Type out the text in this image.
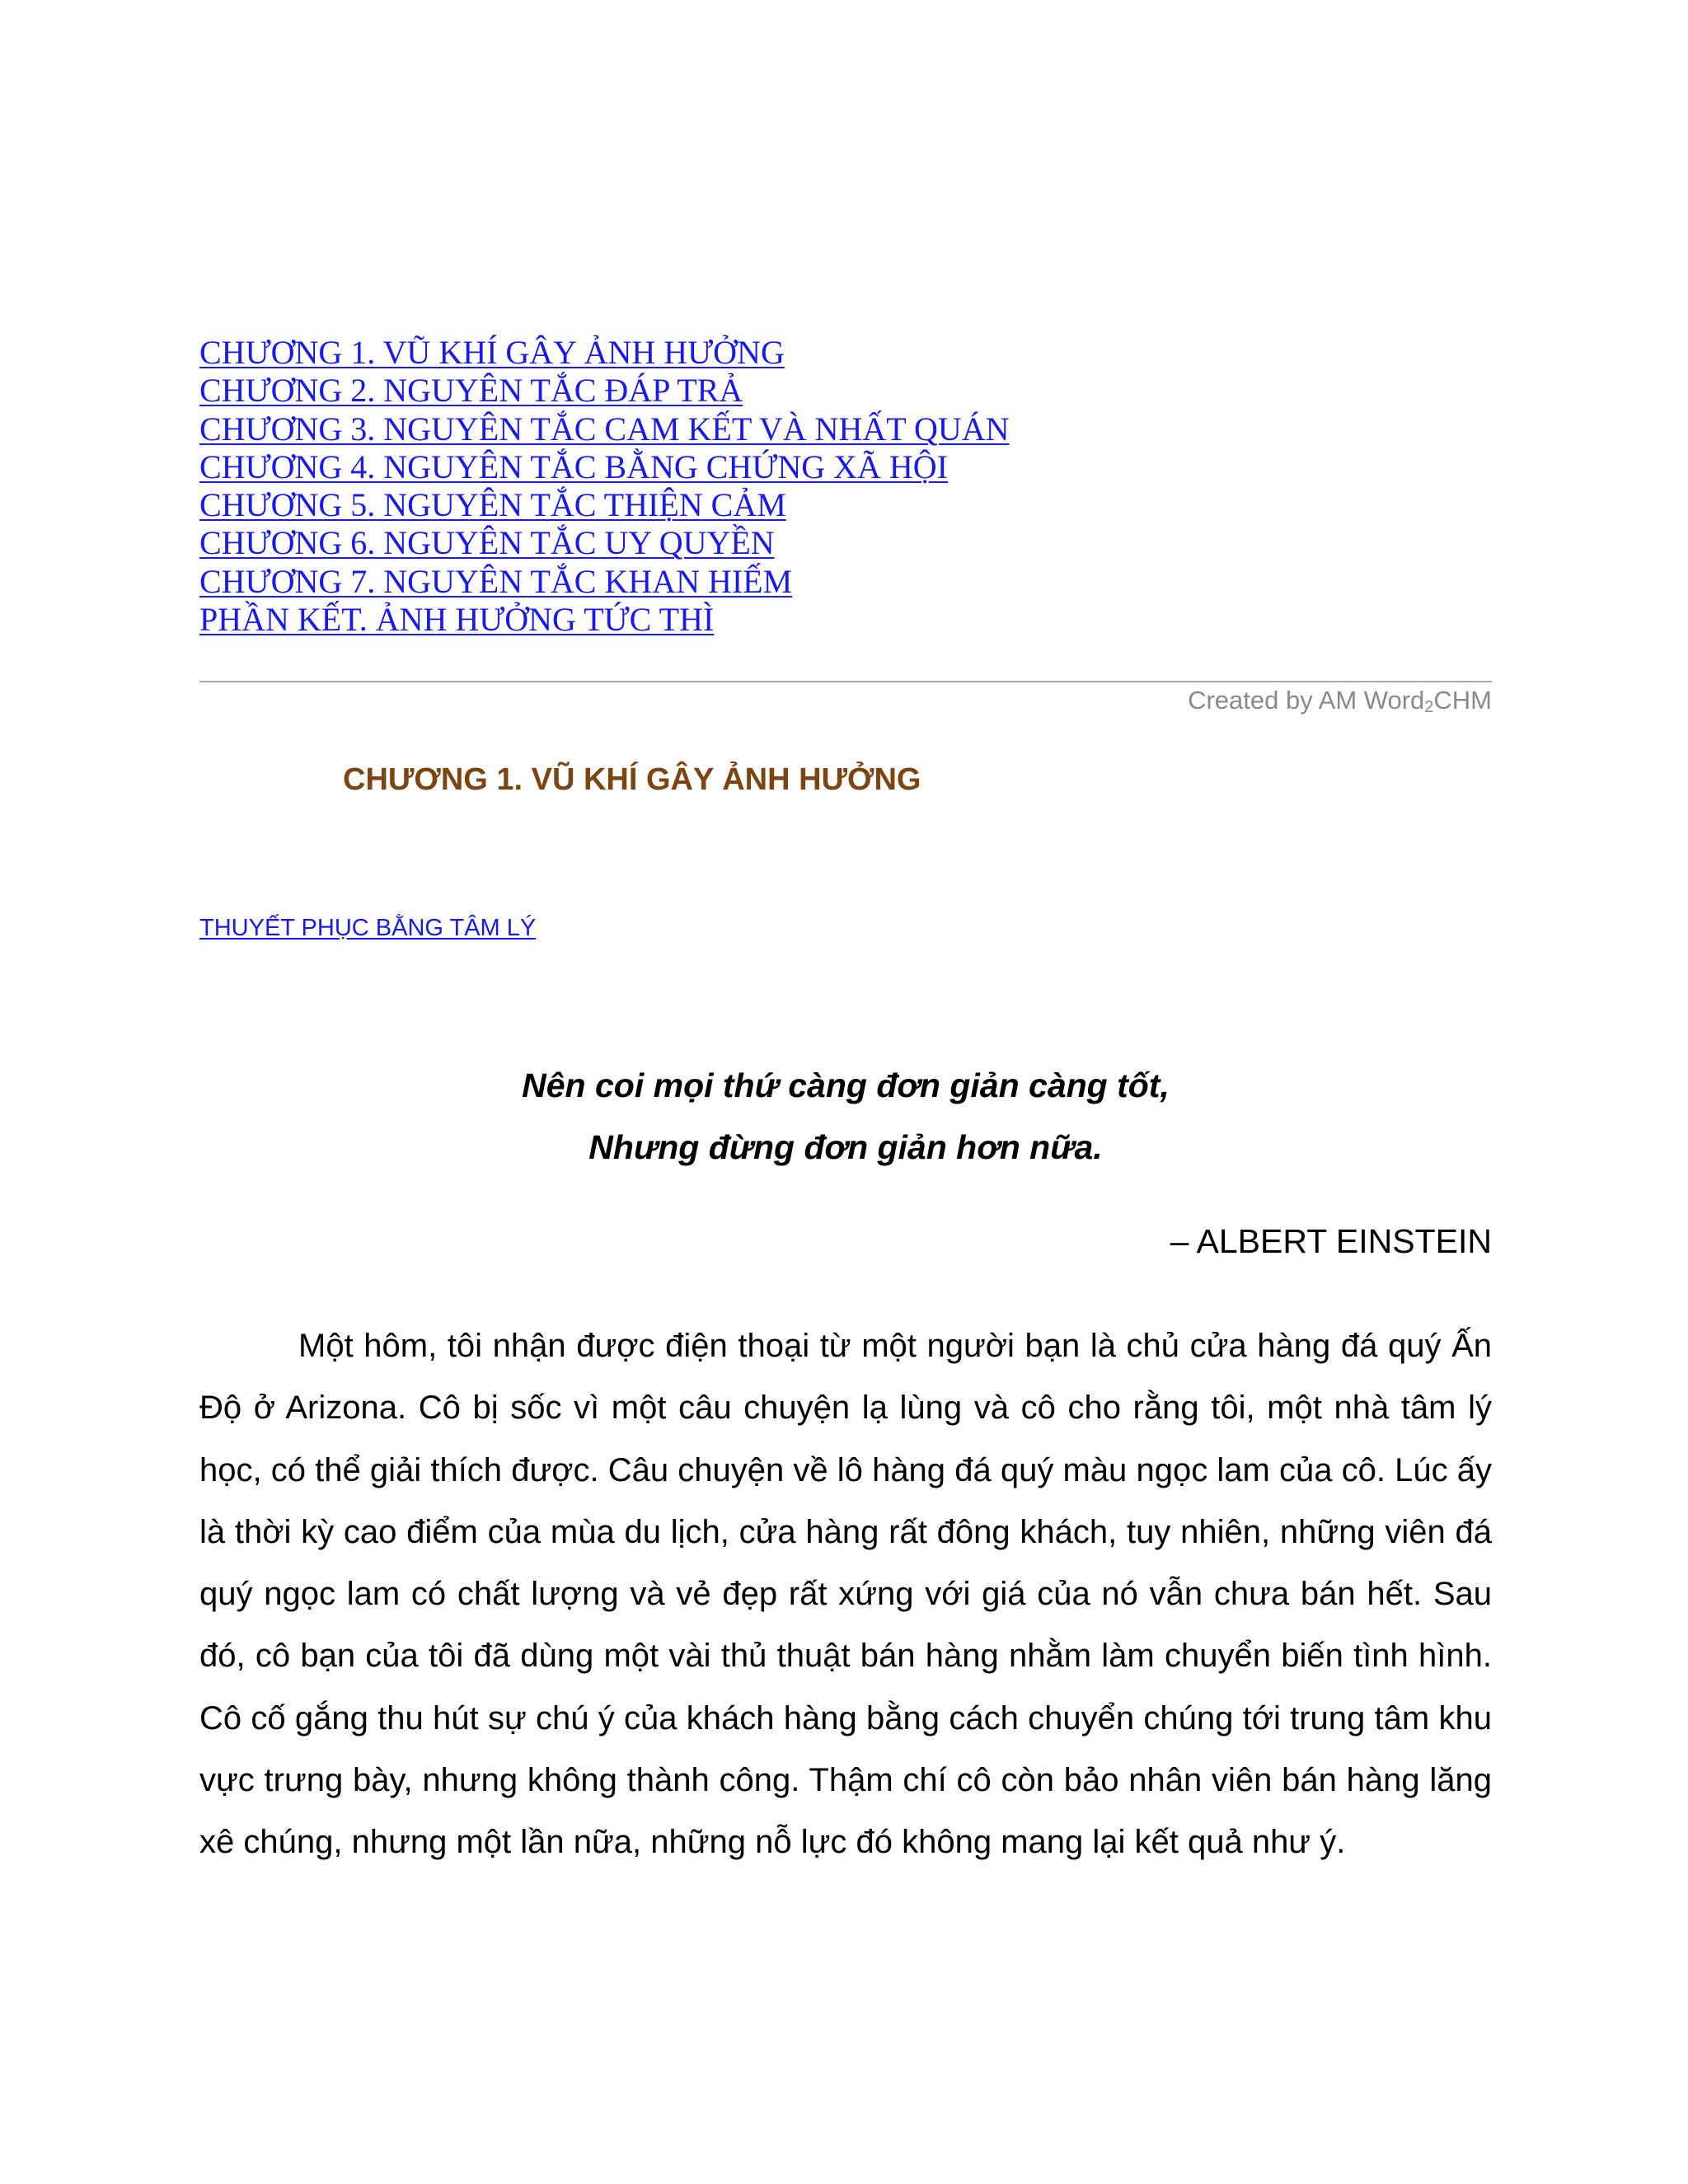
CHƯƠNG 1. VŨ KHÍ GÂY ẢNH HƯỞNG
CHƯƠNG 2. NGUYÊN TẮC ĐÁP TRẢ
CHƯƠNG 3. NGUYÊN TẮC CAM KẾT VÀ NHẤT QUÁN
CHƯƠNG 4. NGUYÊN TẮC BẰNG CHỨNG XÃ HỘI
CHƯƠNG 5. NGUYÊN TẮC THIỆN CẢM
CHƯƠNG 6. NGUYÊN TẮC UY QUYỀN
CHƯƠNG 7. NGUYÊN TẮC KHAN HIẾM
PHẦN KẾT. ẢNH HƯỞNG TỨC THÌ
Created by AM Word$_2$CHM
CHƯƠNG 1. VŨ KHÍ GÂY ẢNH HƯỞNG
THUYẾT PHỤC BẰNG TÂM LÝ

Nên coi mọi thứ càng đơn giản càng tốt,
Nhưng đừng đơn giản hơn nữa.

– ALBERT EINSTEIN

Một hôm, tôi nhận được điện thoại từ một người bạn là chủ cửa hàng đá quý Ấn Độ ở Arizona. Cô bị sốc vì một câu chuyện lạ lùng và cô cho rằng tôi, một nhà tâm lý học, có thể giải thích được. Câu chuyện về lô hàng đá quý màu ngọc lam của cô. Lúc ấy là thời kỳ cao điểm của mùa du lịch, cửa hàng rất đông khách, tuy nhiên, những viên đá quý ngọc lam có chất lượng và vẻ đẹp rất xứng với giá của nó vẫn chưa bán hết. Sau đó, cô bạn của tôi đã dùng một vài thủ thuật bán hàng nhằm làm chuyển biến tình hình. Cô cố gắng thu hút sự chú ý của khách hàng bằng cách chuyển chúng tới trung tâm khu vực trưng bày, nhưng không thành công. Thậm chí cô còn bảo nhân viên bán hàng lăng xê chúng, nhưng một lần nữa, những nỗ lực đó không mang lại kết quả như ý.
